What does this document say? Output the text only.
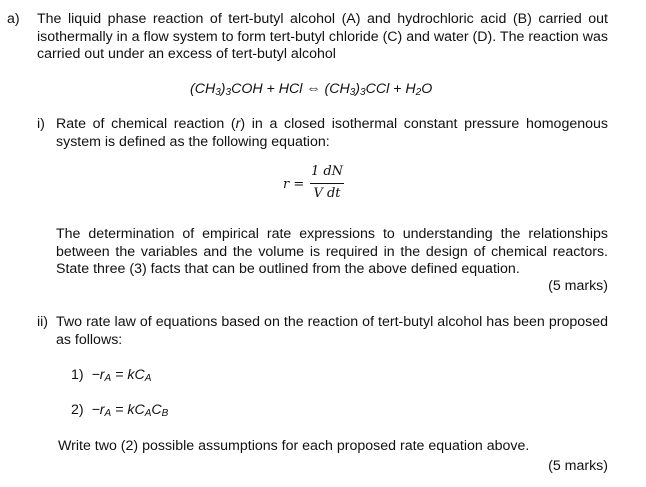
a) The liquid phase reaction of tert-butyl alcohol (A) and hydrochloric acid (B) carried out isothermally in a flow system to form tert-butyl chloride (C) and water (D). The reaction was carried out under an excess of tert-butyl alcohol
$(CH_3)_3COH$ + HCl ⇔ $(CH_3)_3CCl + H_2O$
i) Rate of chemical reaction (r) in a closed isothermal constant pressure homogenous system is defined as the following equation:
r =
1 dN
V dt
The determination of empirical rate expressions to understanding the relationships between the variables and the volume is required in the design of chemical reactors. State three (3) facts that can be outlined from the above defined equation.
(5 marks)
ii) Two rate law of equations based on the reaction of tert-butyl alcohol has been proposed as follows:
$1) -r_A = kC_A$
$2) -r_A = kC_AC_B$
Write two (2) possible assumptions for each proposed rate equation above.
(5 marks)
